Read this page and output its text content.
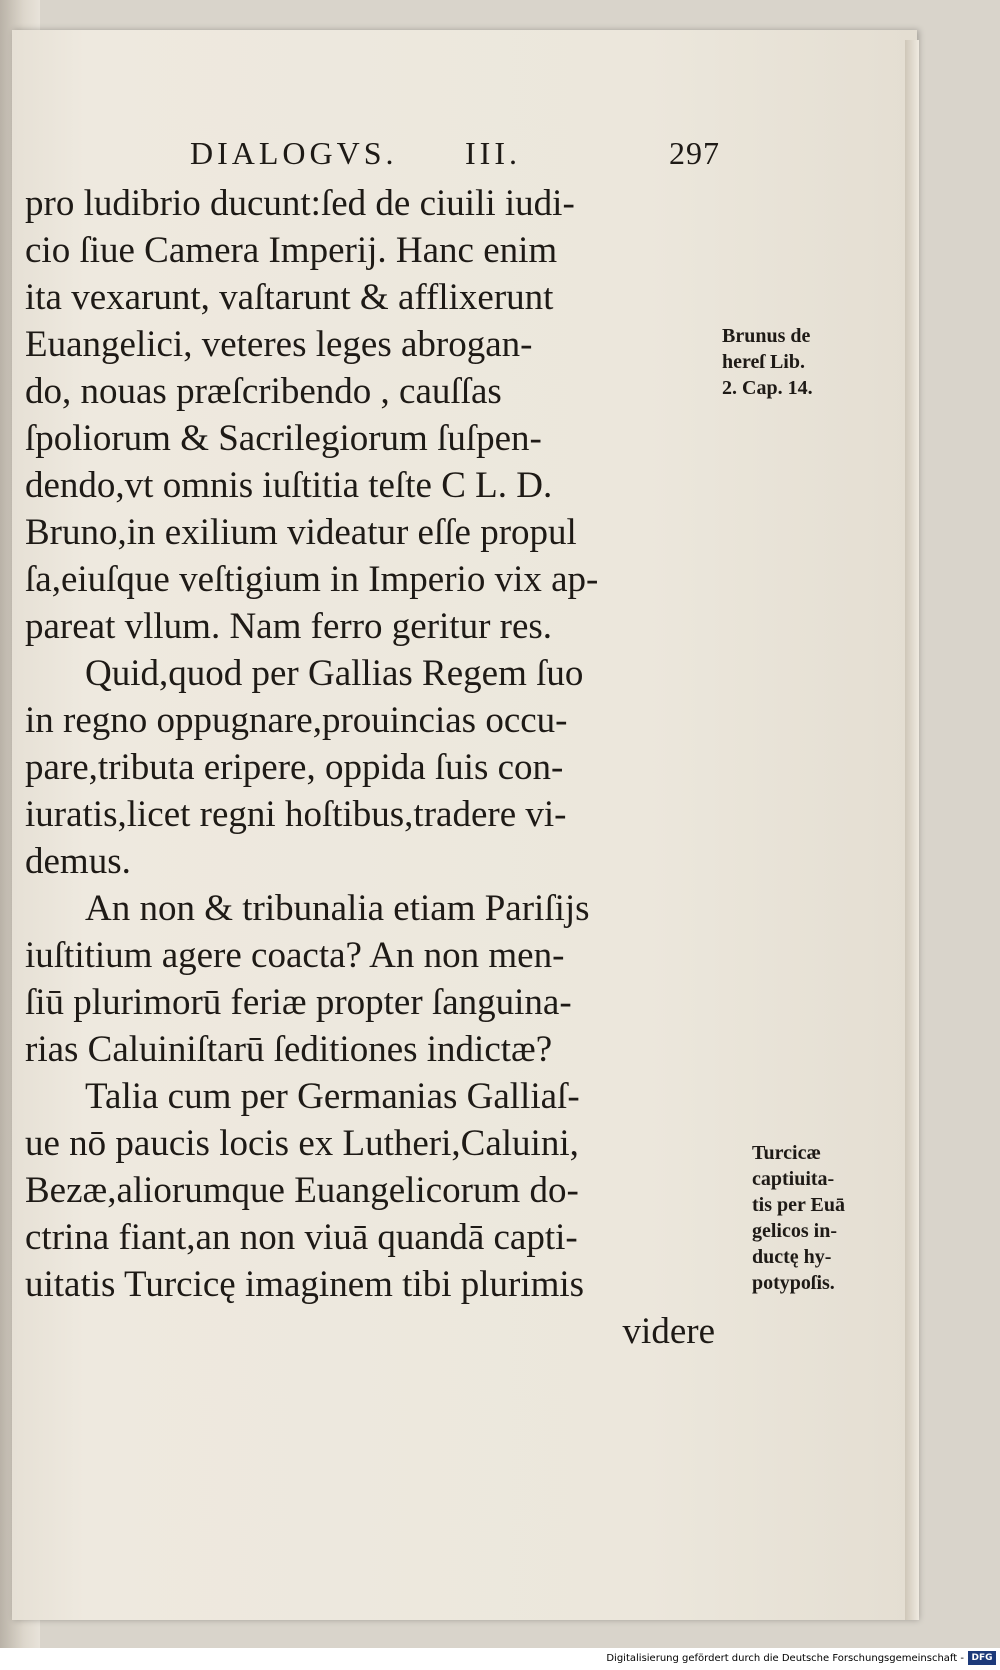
DIALOGVS. III.	297
pro ludibrio ducunt:ſed de ciuili iudi-
cio ſiue Camera Imperij. Hanc enim
ita vexarunt, vaſtarunt & afflixerunt
Euangelici, veteres leges abrogan-
do, nouas præſcribendo , cauſſas
ſpoliorum & Sacrilegiorum ſuſpen-
dendo,vt omnis iuſtitia teſte C L. D.
Bruno,in exilium videatur eſſe propul
ſa,eiuſque veſtigium in Imperio vix ap-
pareat vllum. Nam ferro geritur res.
Quid,quod per Gallias Regem ſuo
in regno oppugnare,prouincias occu-
pare,tributa eripere, oppida ſuis con-
iuratis,licet regni hoſtibus,tradere vi-
demus.
An non & tribunalia etiam Pariſijs
iuſtitium agere coacta? An non men-
ſiū plurimorū feriæ propter ſanguina-
rias Caluiniſtarū ſeditiones indictæ?
Talia cum per Germanias Galliaſ-
ue nō paucis locis ex Lutheri,Caluini,
Bezæ,aliorumque Euangelicorum do-
ctrina fiant,an non viuā quandā capti-
uitatis Turcicę imaginem tibi plurimis
videre
Brunus de
hereſ Lib.
2. Cap. 14.
Turcicæ
captiuita-
tis per Euā
gelicos in-
ductę hy-
potypoſis.
Digitalisierung gefördert durch die Deutsche Forschungsgemeinschaft - DFG
